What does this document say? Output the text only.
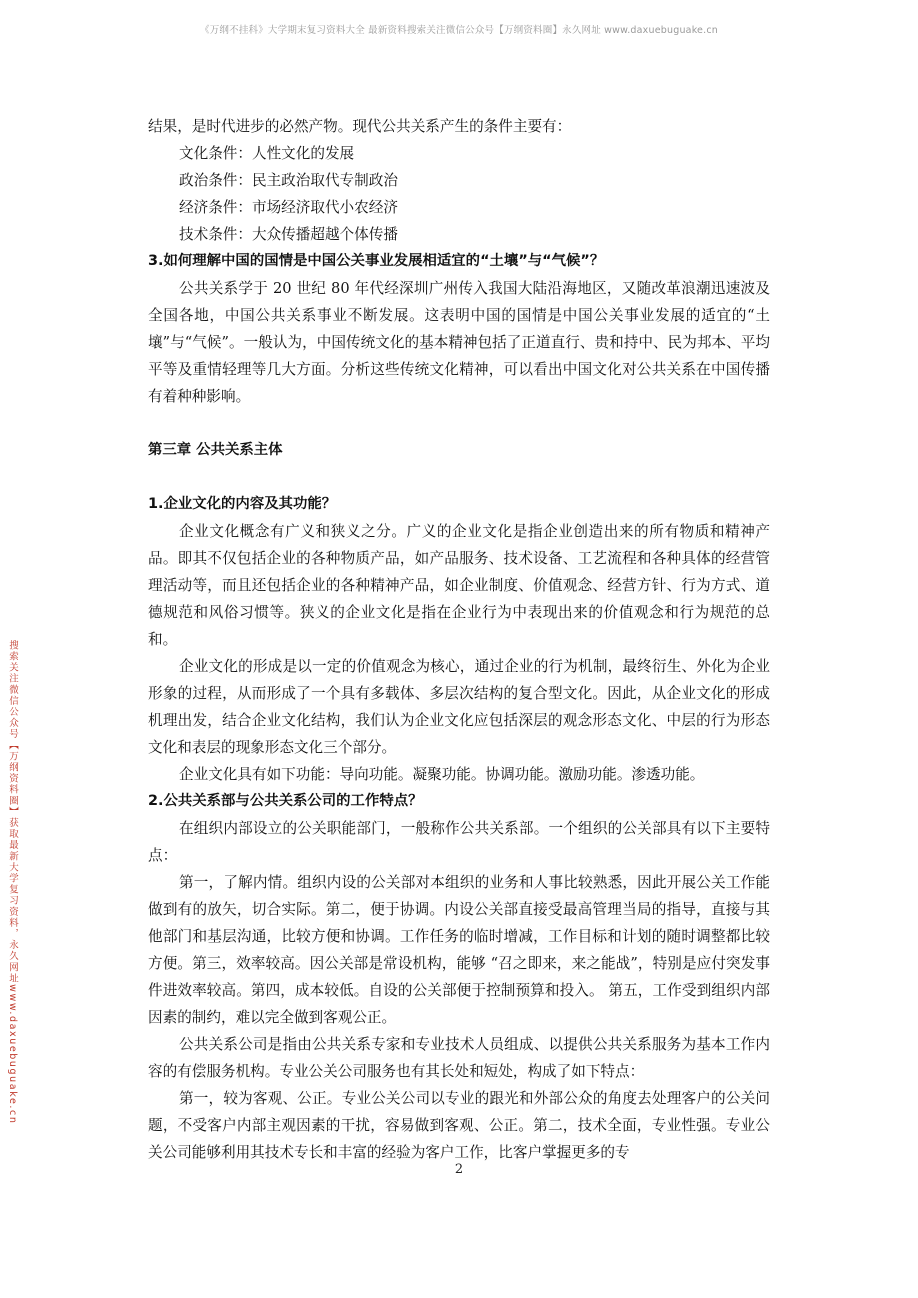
《万纲不挂科》大学期末复习资料大全 最新资料搜索关注微信公众号【万纲资料圈】永久网址 www.daxuebuguake.cn
搜索关注微信公众号【万纲资料圈】获取最新大学复习资料，永久网址www.daxuebuguake.cn

结果，是时代进步的必然产物。现代公共关系产生的条件主要有：

文化条件：人性文化的发展

政治条件：民主政治取代专制政治

经济条件：市场经济取代小农经济

技术条件：大众传播超越个体传播

3.如何理解中国的国情是中国公关事业发展相适宜的“土壤”与“气候”？

公共关系学于 20 世纪 80 年代经深圳广州传入我国大陆沿海地区，又随改革浪潮迅速波及全国各地，中国公共关系事业不断发展。这表明中国的国情是中国公关事业发展的适宜的“土壤”与“气候”。一般认为，中国传统文化的基本精神包括了正道直行、贵和持中、民为邦本、平均平等及重情轻理等几大方面。分析这些传统文化精神，可以看出中国文化对公共关系在中国传播有着种种影响。

第三章 公共关系主体
1.企业文化的内容及其功能？

企业文化概念有广义和狭义之分。广义的企业文化是指企业创造出来的所有物质和精神产品。即其不仅包括企业的各种物质产品，如产品服务、技术设备、工艺流程和各种具体的经营管理活动等，而且还包括企业的各种精神产品，如企业制度、价值观念、经营方针、行为方式、道德规范和风俗习惯等。狭义的企业文化是指在企业行为中表现出来的价值观念和行为规范的总和。

企业文化的形成是以一定的价值观念为核心，通过企业的行为机制，最终衍生、外化为企业形象的过程，从而形成了一个具有多载体、多层次结构的复合型文化。因此，从企业文化的形成机理出发，结合企业文化结构，我们认为企业文化应包括深层的观念形态文化、中层的行为形态文化和表层的现象形态文化三个部分。

企业文化具有如下功能：导向功能。凝聚功能。协调功能。激励功能。渗透功能。

2.公共关系部与公共关系公司的工作特点？

在组织内部设立的公关职能部门，一般称作公共关系部。一个组织的公关部具有以下主要特点：

第一，了解内情。组织内设的公关部对本组织的业务和人事比较熟悉，因此开展公关工作能做到有的放矢，切合实际。第二，便于协调。内设公关部直接受最高管理当局的指导，直接与其他部门和基层沟通，比较方便和协调。工作任务的临时增减，工作目标和计划的随时调整都比较方便。第三，效率较高。因公关部是常设机构，能够 “召之即来，来之能战”，特别是应付突发事件进效率较高。第四，成本较低。自设的公关部便于控制预算和投入。 第五，工作受到组织内部因素的制约，难以完全做到客观公正。

公共关系公司是指由公共关系专家和专业技术人员组成、以提供公共关系服务为基本工作内容的有偿服务机构。专业公关公司服务也有其长处和短处，构成了如下特点：

第一，较为客观、公正。专业公关公司以专业的跟光和外部公众的角度去处理客户的公关问题，不受客户内部主观因素的干扰，容易做到客观、公正。第二，技术全面，专业性强。专业公关公司能够利用其技术专长和丰富的经验为客户工作，比客户掌握更多的专

2
